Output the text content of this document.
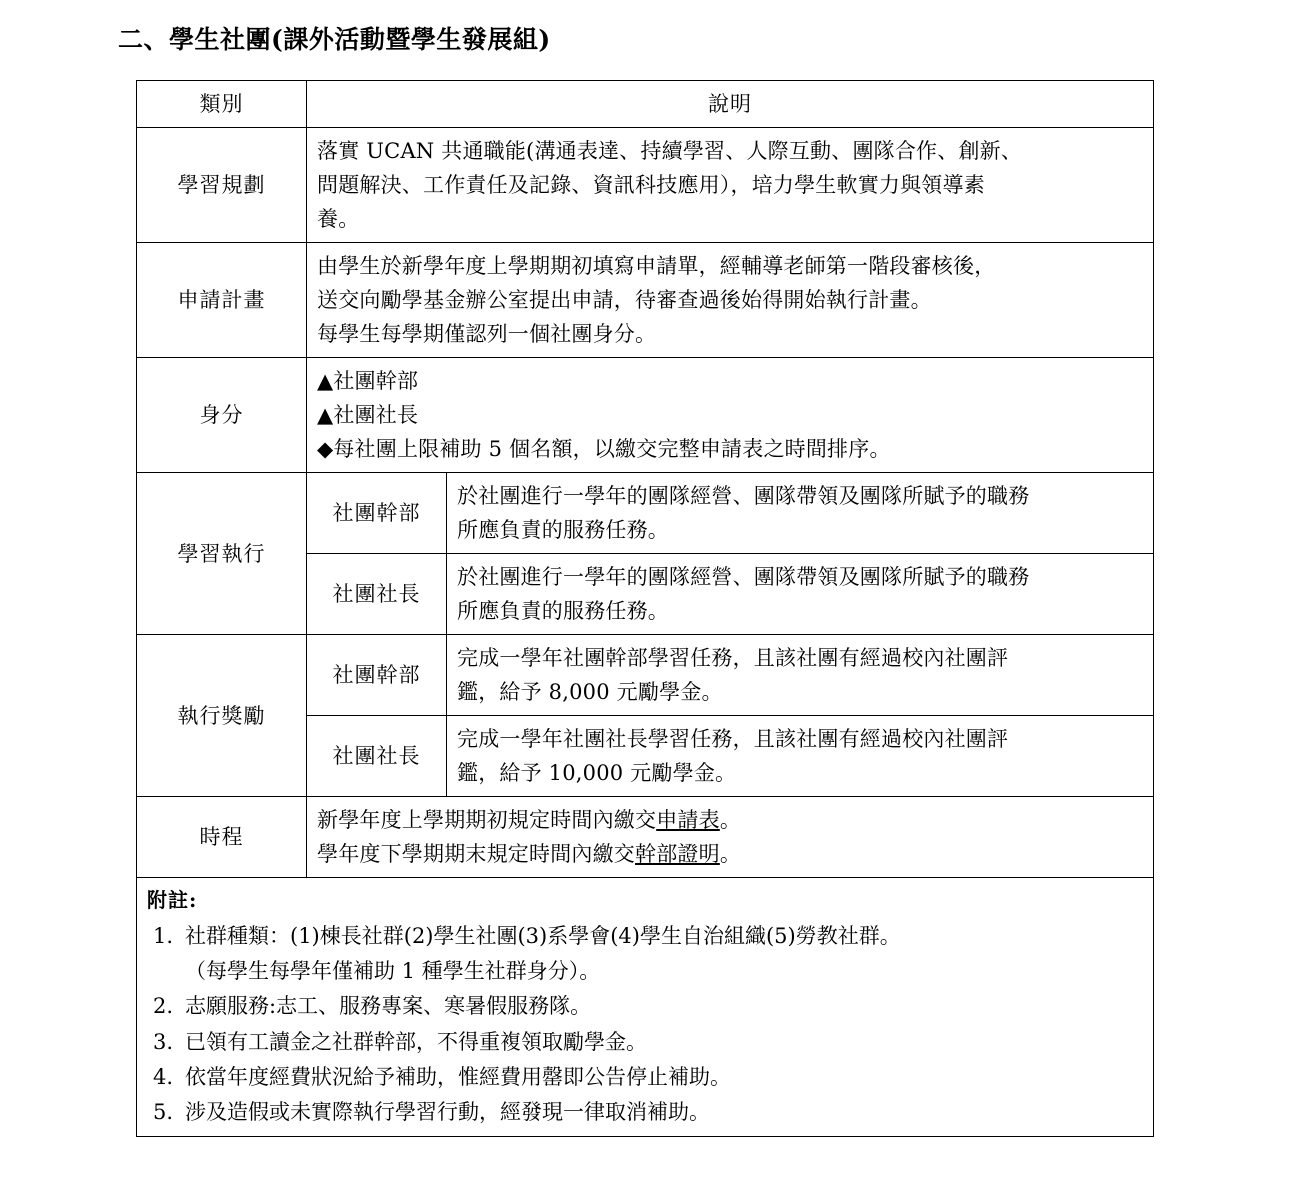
二、學生社團(課外活動暨學生發展組)
類別	說明	
學習規劃	落實 UCAN 共通職能(溝通表達、持續學習、人際互動、團隊合作、創新、
問題解決、工作責任及記錄、資訊科技應用），培力學生軟實力與領導素
養。	

申請計畫	由學生於新學年度上學期期初填寫申請單，經輔導老師第一階段審核後，
送交向勵學基金辦公室提出申請，待審查過後始得開始執行計畫。
每學生每學期僅認列一個社團身分。	

身分	▲社團幹部
▲社團社長
◆每社團上限補助 5 個名額，以繳交完整申請表之時間排序。	

學習執行	社團幹部	於社團進行一學年的團隊經營、團隊帶領及團隊所賦予的職務
所應負責的服務任務。

	社團社長	於社團進行一學年的團隊經營、團隊帶領及團隊所賦予的職務
所應負責的服務任務。

執行獎勵	社團幹部	完成一學年社團幹部學習任務，且該社團有經過校內社團評
鑑，給予 8,000 元勵學金。

	社團社長	完成一學年社團社長學習任務，且該社團有經過校內社團評
鑑，給予 10,000 元勵學金。

時程	新學年度上學期期初規定時間內繳交申請表。
學年度下學期期末規定時間內繳交幹部證明。	

附註:
1. 社群種類：(1)棟長社群(2)學生社團(3)系學會(4)學生自治組織(5)勞教社群。
（每學生每學年僅補助 1 種學生社群身分）。
2. 志願服務:志工、服務專案、寒暑假服務隊。
3. 已領有工讀金之社群幹部，不得重複領取勵學金。
4. 依當年度經費狀況給予補助，惟經費用罄即公告停止補助。
5. 涉及造假或未實際執行學習行動，經發現一律取消補助。
